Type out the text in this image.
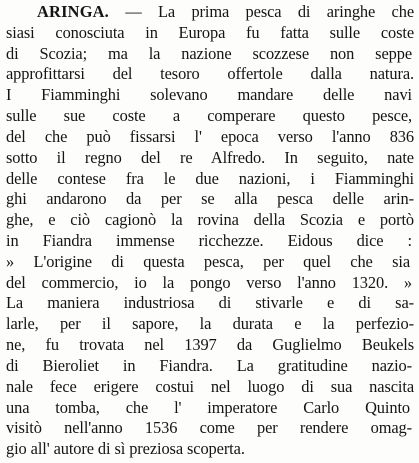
ARINGA. — La prima pesca di aringhe che
siasi conosciuta in Europa fu fatta sulle coste
di Scozia; ma la nazione scozzese non seppe
approfittarsi del tesoro offertole dalla natura.
I Fiamminghi solevano mandare delle navi
sulle sue coste a comperare questo pesce,
del che può fissarsi l' epoca verso l'anno 836
sotto il regno del re Alfredo. In seguito, nate
delle contese fra le due nazioni, i Fiamminghi
ghi andarono da per se alla pesca delle arin-
ghe, e ciò cagionò la rovina della Scozia e portò
in Fiandra immense ricchezze. Eidous dice :
» L'origine di questa pesca, per quel che sia
del commercio, io la pongo verso l'anno 1320. »
La maniera industriosa di stivarle e di sa-
larle, per il sapore, la durata e la perfezio-
ne, fu trovata nel 1397 da Guglielmo Beukels
di Bieroliet in Fiandra. La gratitudine nazio-
nale fece erigere costui nel luogo di sua nascita
una tomba, che l' imperatore Carlo Quinto
visitò nell'anno 1536 come per rendere omag-
gio all' autore di sì preziosa scoperta.
